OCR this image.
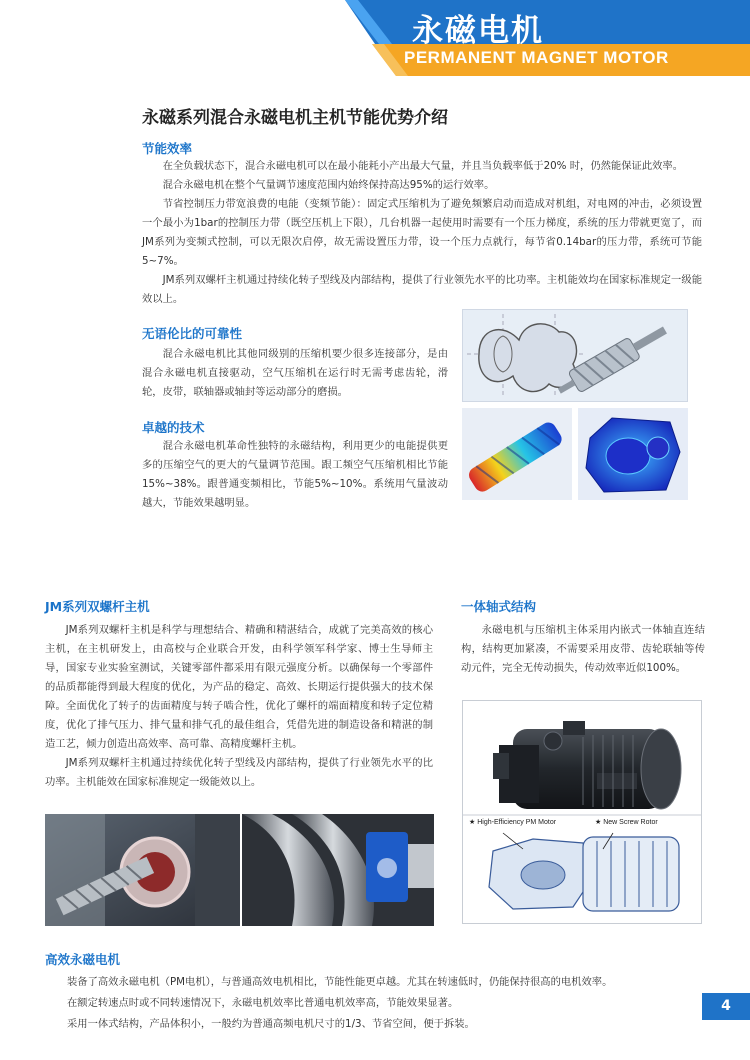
永磁电机
PERMANENT MAGNET MOTOR
永磁系列混合永磁电机主机节能优势介绍
节能效率

在全负载状态下，混合永磁电机可以在最小能耗小产出最大气量，并且当负载率低于20% 时，仍然能保证此效率。

混合永磁电机在整个气量调节速度范围内始终保持高达95%的运行效率。

节省控制压力带宽浪费的电能（变频节能）：固定式压缩机为了避免频繁启动而造成对机组，对电网的冲击，必须设置一个最小为1bar的控制压力带（既空压机上下限），几台机器一起使用时需要有一个压力梯度，系统的压力带就更宽了，而JM系列为变频式控制，可以无限次启停，故无需设置压力带，设一个压力点就行，每节省0.14bar的压力带，系统可节能5~7%。

JM系列双螺杆主机通过持续化转子型线及内部结构，提供了行业领先水平的比功率。主机能效均在国家标准规定一级能效以上。

无语伦比的可靠性

混合永磁电机比其他同级别的压缩机要少很多连接部分，是由混合永磁电机直接驱动，空气压缩机在运行时无需考虑齿轮，滑轮，皮带，联轴器或轴封等运动部分的磨损。

卓越的技术

混合永磁电机革命性独特的永磁结构，利用更少的电能提供更多的压缩空气的更大的气量调节范围。跟工频空气压缩机相比节能15%~38%。跟普通变频相比，节能5%~10%。系统用气量波动越大，节能效果越明显。

JM系列双螺杆主机

JM系列双螺杆主机是科学与理想结合、精确和精湛结合，成就了完美高效的核心主机，在主机研发上，由高校与企业联合开发，由科学领军科学家、博士生导师主导，国家专业实验室测试，关键零部件都采用有限元强度分析。以确保每一个零部件的品质都能得到最大程度的优化，为产品的稳定、高效、长期运行提供强大的技术保障。全面优化了转子的齿面精度与转子啮合性，优化了螺杆的端面精度和转子定位精度，优化了排气压力、排气量和排气孔的最佳组合，凭借先进的制造设备和精湛的制造工艺，倾力创造出高效率、高可靠、高精度螺杆主机。

JM系列双螺杆主机通过持续优化转子型线及内部结构，提供了行业领先水平的比功率。主机能效在国家标准规定一级能效以上。

一体轴式结构

永磁电机与压缩机主体采用内嵌式一体轴直连结构，结构更加紧凑，不需要采用皮带、齿轮联轴等传动元件，完全无传动损失，传动效率近似100%。

★ High-Efficiency PM Motor	★ New Screw Rotor
高效永磁电机
装备了高效永磁电机（PM电机），与普通高效电机相比，节能性能更卓越。尤其在转速低时，仍能保持很高的电机效率。
在额定转速点时或不同转速情况下，永磁电机效率比普通电机效率高，节能效果显著。
采用一体式结构，产品体积小，一般约为普通高频电机尺寸的1/3、节省空间，便于拆装。
4
